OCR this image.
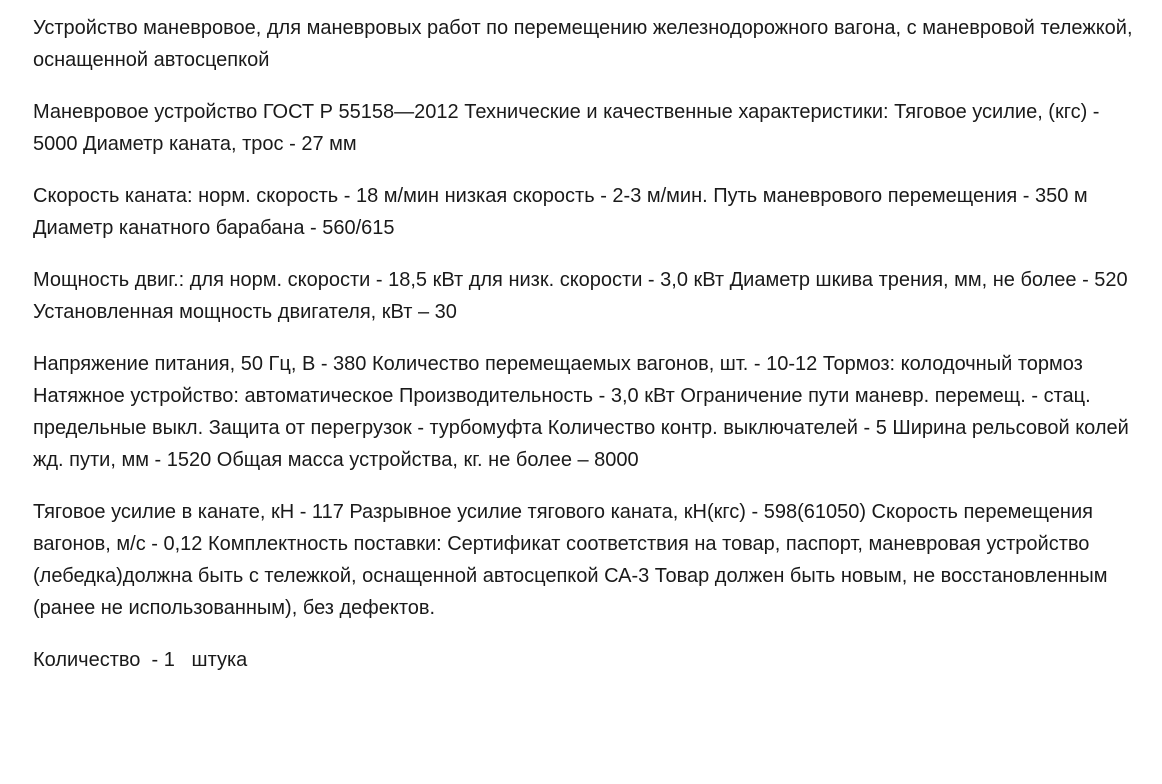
Устройство маневровое, для маневровых работ по перемещению железнодорожного вагона, с маневровой тележкой, оснащенной автосцепкой

Маневровое устройство ГОСТ Р 55158—2012 Технические и качественные характеристики: Тяговое усилие, (кгс) - 5000 Диаметр каната, трос - 27 мм

Скорость каната: норм. скорость - 18 м/мин низкая скорость - 2-3 м/мин. Путь маневрового перемещения - 350 м Диаметр канатного барабана - 560/615

Мощность двиг.: для норм. скорости - 18,5 кВт для низк. скорости - 3,0 кВт Диаметр шкива трения, мм, не более - 520 Установленная мощность двигателя, кВт – 30

Напряжение питания, 50 Гц, В - 380 Количество перемещаемых вагонов, шт. - 10-12 Тормоз: колодочный тормоз Натяжное устройство: автоматическое Производительность - 3,0 кВт Ограничение пути маневр. перемещ. - стац. предельные выкл. Защита от перегрузок - турбомуфта Количество контр. выключателей - 5 Ширина рельсовой колей жд. пути, мм - 1520 Общая масса устройства, кг. не более – 8000

Тяговое усилие в канате, кН - 117 Разрывное усилие тягового каната, кН(кгс) - 598(61050) Скорость перемещения вагонов, м/с - 0,12 Комплектность поставки: Сертификат соответствия на товар, паспорт, маневровая устройство (лебедка)должна быть с тележкой, оснащенной автосцепкой СА-3 Товар должен быть новым, не восстановленным (ранее не использованным), без дефектов.

Количество  - 1   штука
